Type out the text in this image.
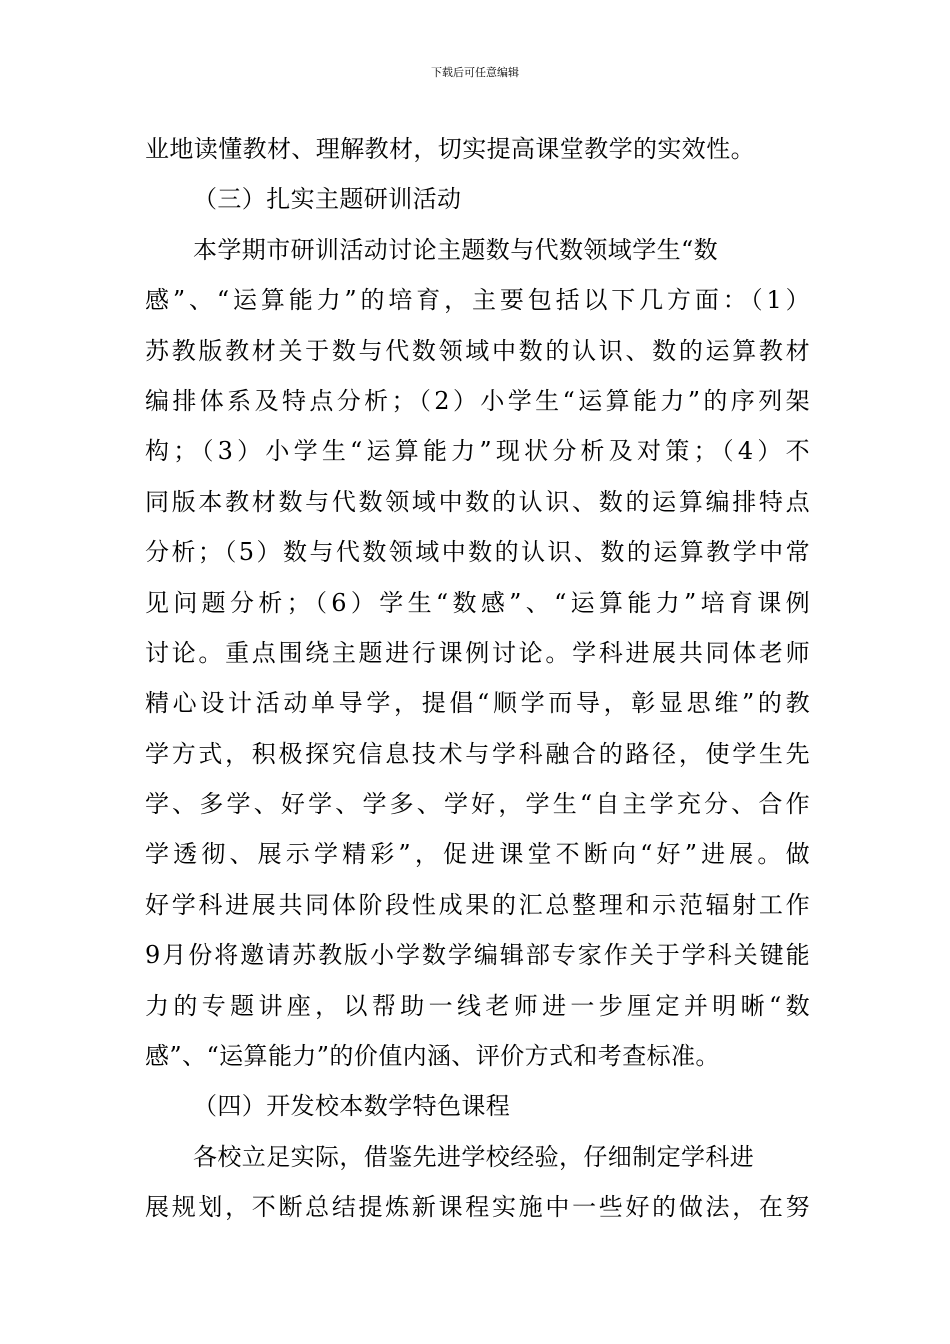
下载后可任意编辑
业地读懂教材、理解教材，切实提高课堂教学的实效性。
（三）扎实主题研训活动
本学期市研训活动讨论主题数与代数领域学生“数
感”、“运算能力”的培育，主要包括以下几方面：（1）
苏教版教材关于数与代数领域中数的认识、数的运算教材
编排体系及特点分析；（2）小学生“运算能力”的序列架
构；（3）小学生“运算能力”现状分析及对策；（4）不
同版本教材数与代数领域中数的认识、数的运算编排特点
分析；（5）数与代数领域中数的认识、数的运算教学中常
见问题分析；（6）学生“数感”、“运算能力”培育课例
讨论。重点围绕主题进行课例讨论。学科进展共同体老师
精心设计活动单导学，提倡“顺学而导，彰显思维”的教
学方式，积极探究信息技术与学科融合的路径，使学生先
学、多学、好学、学多、学好，学生“自主学充分、合作
学透彻、展示学精彩”，促进课堂不断向“好”进展。做
好学科进展共同体阶段性成果的汇总整理和示范辐射工作
9月份将邀请苏教版小学数学编辑部专家作关于学科关键能
力的专题讲座，以帮助一线老师进一步厘定并明晰“数
感”、“运算能力”的价值内涵、评价方式和考查标准。
（四）开发校本数学特色课程
各校立足实际，借鉴先进学校经验，仔细制定学科进
展规划，不断总结提炼新课程实施中一些好的做法，在努
